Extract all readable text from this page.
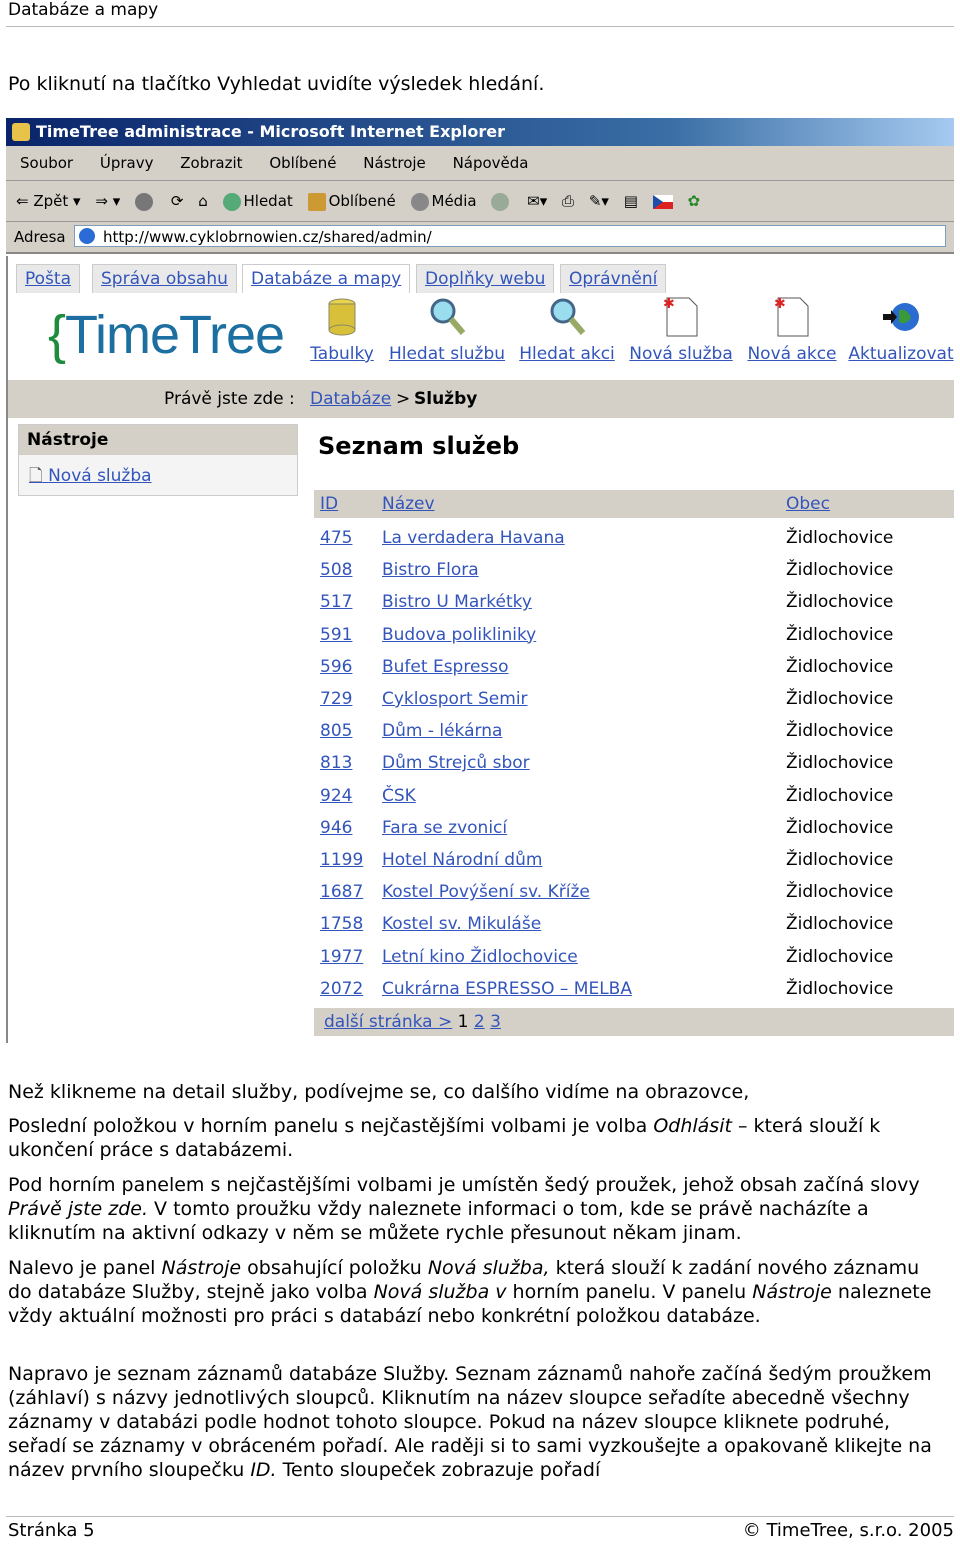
Databáze a mapy
Po kliknutí na tlačítko Vyhledat uvidíte výsledek hledání.
TimeTree administrace - Microsoft Internet Explorer
Soubor Úpravy Zobrazit Oblíbené Nástroje Nápověda
⇐ Zpět ▾ ⇒ ▾	⟳ ⌂ Hledat Oblíbené Média	✉▾ ⎙ ✎▾ ▤	✿
Adresa	http://www.cyklobrnowien.cz/shared/admin/
Pošta	Správa obsahu	Databáze a mapy	Doplňky webu	Oprávnění
{TimeTree Tabulky Hledat službu Hledat akci
✱
Nová služba
✱
Nová akce Aktualizovat
Právě jste zde : Databáze > Služby
Nástroje
🗋 Nová služba
Seznam služeb
ID	Název	Obec
475 La verdadera Havana	Židlochovice
508 Bistro Flora	Židlochovice
517 Bistro U Markétky	Židlochovice
591 Budova polikliniky	Židlochovice
596 Bufet Espresso	Židlochovice
729 Cyklosport Semir	Židlochovice
805 Dům - lékárna	Židlochovice
813 Dům Strejců sbor	Židlochovice
924 ČSK	Židlochovice
946 Fara se zvonicí	Židlochovice
1199 Hotel Národní dům	Židlochovice
1687 Kostel Povýšení sv. Kříže	Židlochovice
1758 Kostel sv. Mikuláše	Židlochovice
1977 Letní kino Židlochovice	Židlochovice
2072 Cukrárna ESPRESSO – MELBA	Židlochovice
další stránka > 1 2 3
Než klikneme na detail služby, podívejme se, co dalšího vidíme na obrazovce,
Poslední položkou v horním panelu s nejčastějšími volbami je volba Odhlásit – která slouží k ukončení práce s databázemi.
Pod horním panelem s nejčastějšími volbami je umístěn šedý proužek, jehož obsah začíná slovy Právě jste zde. V tomto proužku vždy naleznete informaci o tom, kde se právě nacházíte a kliknutím na aktivní odkazy v něm se můžete rychle přesunout někam jinam.
Nalevo je panel Nástroje obsahující položku Nová služba, která slouží k zadání nového záznamu do databáze Služby, stejně jako volba Nová služba v horním panelu. V panelu Nástroje naleznete vždy aktuální možnosti pro práci s databází nebo konkrétní položkou databáze.
Napravo je seznam záznamů databáze Služby. Seznam záznamů nahoře začíná šedým proužkem (záhlaví) s názvy jednotlivých sloupců. Kliknutím na název sloupce seřadíte abecedně všechny záznamy v databázi podle hodnot tohoto sloupce. Pokud na název sloupce kliknete podruhé, seřadí se záznamy v obráceném pořadí. Ale raději si to sami vyzkoušejte a opakovaně klikejte na název prvního sloupečku ID. Tento sloupeček zobrazuje pořadí
Stránka 5	© TimeTree, s.r.o. 2005
